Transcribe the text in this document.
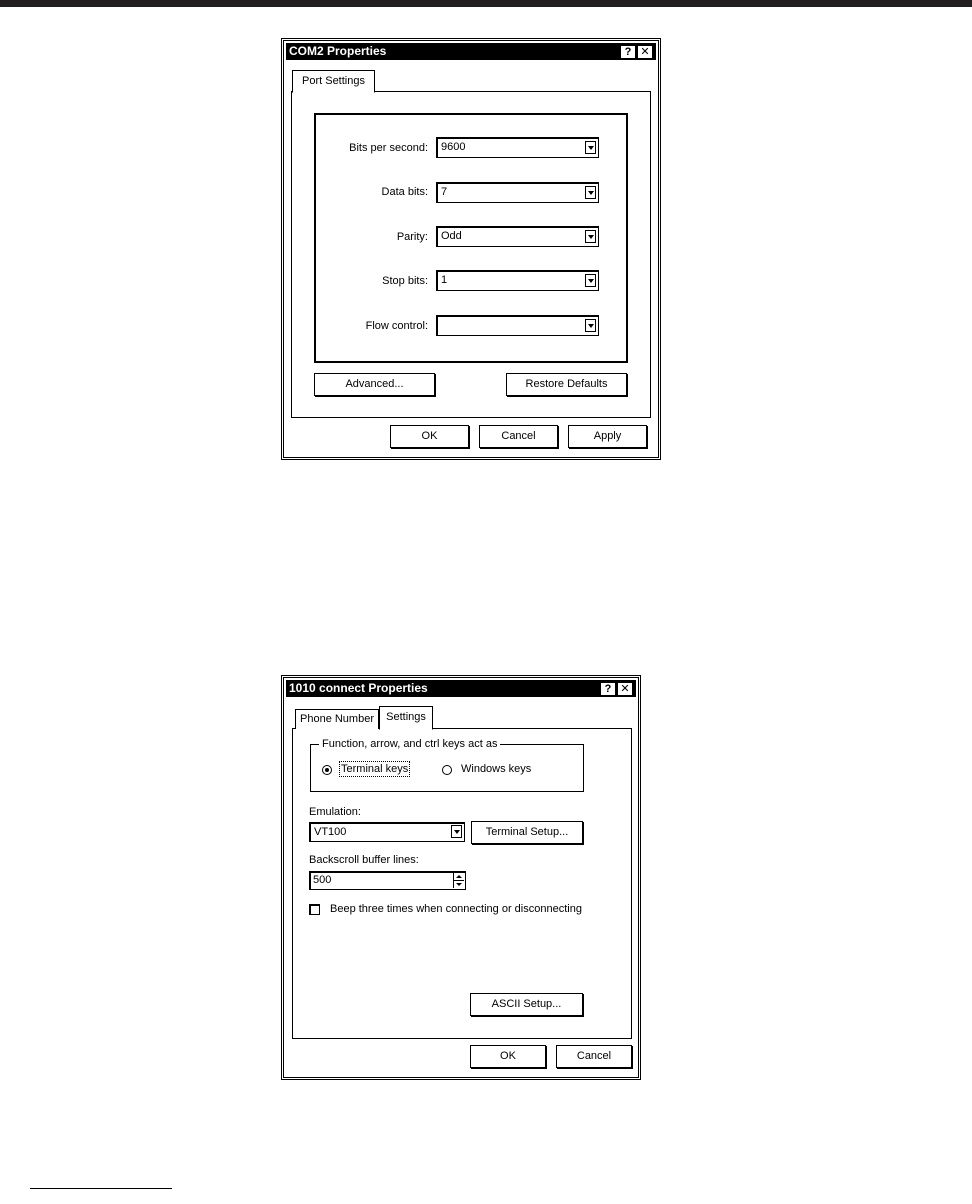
COM2 Properties	? ✕
Port Settings
Bits per second:	9600
Data bits:	7
Parity:	Odd
Stop bits:	1
Flow control:
Advanced...	Restore Defaults
OK	Cancel	Apply
1010 connect Properties	? ✕
Phone Number	Settings
Function, arrow, and ctrl keys act as
Terminal keys	Windows keys
Emulation:
VT100	Terminal Setup...
Backscroll buffer lines:
500
Beep three times when connecting or disconnecting
ASCII Setup...
OK	Cancel
